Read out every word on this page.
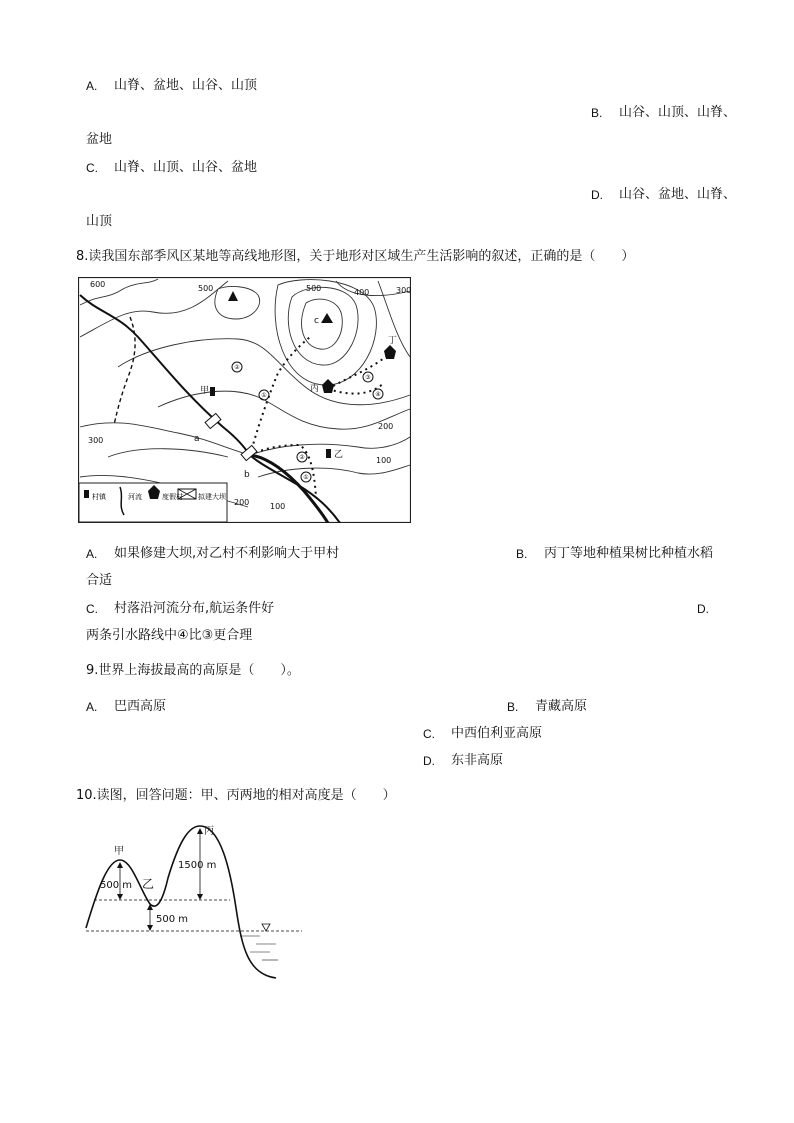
A. 山脊、盆地、山谷、山顶
B. 山谷、山顶、山脊、
盆地
C. 山脊、山顶、山谷、盆地
D. 山谷、盆地、山脊、
山顶
8.读我国东部季风区某地等高线地形图，关于地形对区域生产生活影响的叙述，正确的是（　　）
村镇	河流	度假村 拟建大坝
600	500	500	400	300
300
200
100
200	100
c
甲
乙
丙
丁
a
b
②
①
③
④
②
①
A. 如果修建大坝,对乙村不利影响大于甲村	B. 丙丁等地种植果树比种植水稻
合适
C. 村落沿河流分布,航运条件好	D.
两条引水路线中④比③更合理
9.世界上海拔最高的高原是（　　）。
A. 巴西高原	B. 青藏高原
C. 中西伯利亚高原
D. 东非高原
10.读图，回答问题：甲、丙两地的相对高度是（　　）
甲
乙
丙
500 m
1500 m
500 m
